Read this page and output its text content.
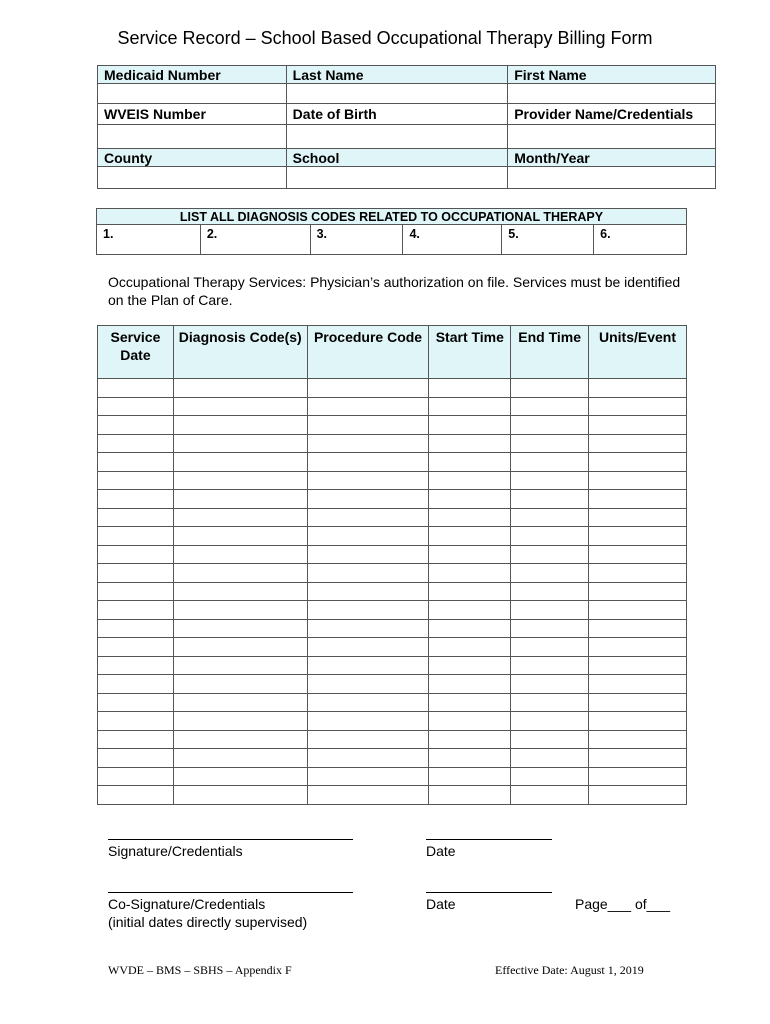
Service Record – School Based Occupational Therapy Billing Form
Medicaid Number	Last Name	First Name

WVEIS Number	Date of Birth	Provider Name/Credentials

County	School	Month/Year

LIST ALL DIAGNOSIS CODES RELATED TO OCCUPATIONAL THERAPY
1.	2.	3.	4.	5.	6.
Occupational Therapy Services: Physician’s authorization on file. Services must be identified on the Plan of Care.
Service Date	Diagnosis Code(s)	Procedure Code	Start Time	End Time	Units/Event

Signature/Credentials	Date
Co-Signature/Credentials
(initial dates directly supervised)
Date	Page___ of___
WVDE – BMS – SBHS – Appendix F	Effective Date: August 1, 2019
